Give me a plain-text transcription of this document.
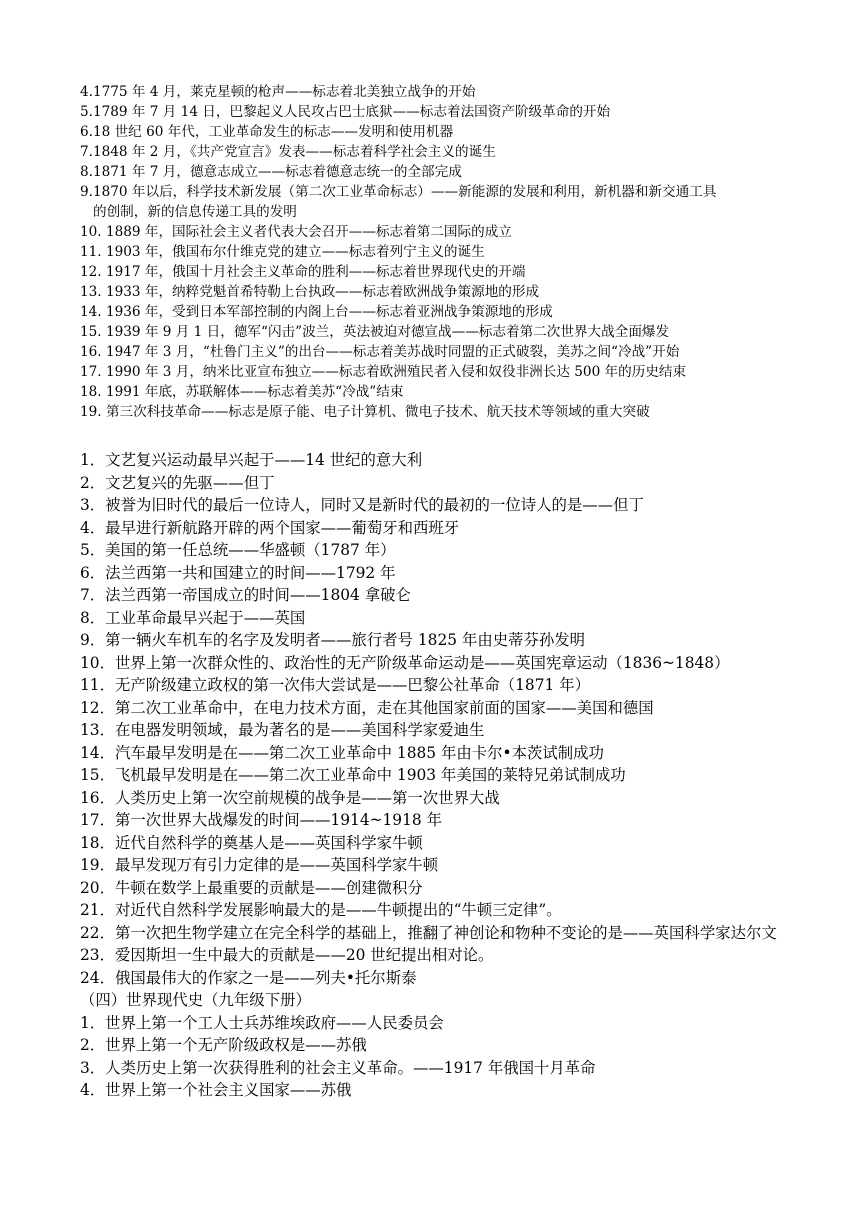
4.1775 年 4 月，莱克星顿的枪声——标志着北美独立战争的开始
5.1789 年 7 月 14 日，巴黎起义人民攻占巴士底狱——标志着法国资产阶级革命的开始
6.18 世纪 60 年代，工业革命发生的标志——发明和使用机器
7.1848 年 2 月，《共产党宣言》发表——标志着科学社会主义的诞生
8.1871 年 7 月，德意志成立——标志着德意志统一的全部完成
9.1870 年以后，科学技术新发展（第二次工业革命标志）——新能源的发展和利用，新机器和新交通工具
的创制，新的信息传递工具的发明
10. 1889 年，国际社会主义者代表大会召开——标志着第二国际的成立
11. 1903 年，俄国布尔什维克党的建立——标志着列宁主义的诞生
12. 1917 年，俄国十月社会主义革命的胜利——标志着世界现代史的开端
13. 1933 年，纳粹党魁首希特勒上台执政——标志着欧洲战争策源地的形成
14. 1936 年，受到日本军部控制的内阁上台——标志着亚洲战争策源地的形成
15. 1939 年 9 月 1 日，德军“闪击”波兰，英法被迫对德宣战——标志着第二次世界大战全面爆发
16. 1947 年 3 月，“杜鲁门主义”的出台——标志着美苏战时同盟的正式破裂，美苏之间“冷战”开始
17. 1990 年 3 月，纳米比亚宣布独立——标志着欧洲殖民者入侵和奴役非洲长达 500 年的历史结束
18. 1991 年底，苏联解体——标志着美苏“冷战”结束
19. 第三次科技革命——标志是原子能、电子计算机、微电子技术、航天技术等领域的重大突破
1．文艺复兴运动最早兴起于——14 世纪的意大利
2．文艺复兴的先驱——但丁
3．被誉为旧时代的最后一位诗人，同时又是新时代的最初的一位诗人的是——但丁
4．最早进行新航路开辟的两个国家——葡萄牙和西班牙
5．美国的第一任总统——华盛顿（1787 年）
6．法兰西第一共和国建立的时间——1792 年
7．法兰西第一帝国成立的时间——1804 拿破仑
8．工业革命最早兴起于——英国
9．第一辆火车机车的名字及发明者——旅行者号 1825 年由史蒂芬孙发明
10．世界上第一次群众性的、政治性的无产阶级革命运动是——英国宪章运动（1836~1848）
11．无产阶级建立政权的第一次伟大尝试是——巴黎公社革命（1871 年）
12．第二次工业革命中，在电力技术方面，走在其他国家前面的国家——美国和德国
13．在电器发明领域，最为著名的是——美国科学家爱迪生
14．汽车最早发明是在——第二次工业革命中 1885 年由卡尔•本茨试制成功
15．飞机最早发明是在——第二次工业革命中 1903 年美国的莱特兄弟试制成功
16．人类历史上第一次空前规模的战争是——第一次世界大战
17．第一次世界大战爆发的时间——1914~1918 年
18．近代自然科学的奠基人是——英国科学家牛顿
19．最早发现万有引力定律的是——英国科学家牛顿
20．牛顿在数学上最重要的贡献是——创建微积分
21．对近代自然科学发展影响最大的是——牛顿提出的“牛顿三定律”。
22．第一次把生物学建立在完全科学的基础上，推翻了神创论和物种不变论的是——英国科学家达尔文
23．爱因斯坦一生中最大的贡献是——20 世纪提出相对论。
24．俄国最伟大的作家之一是——列夫•托尔斯泰
（四）世界现代史（九年级下册）
1．世界上第一个工人士兵苏维埃政府——人民委员会
2．世界上第一个无产阶级政权是——苏俄
3．人类历史上第一次获得胜利的社会主义革命。——1917 年俄国十月革命
4．世界上第一个社会主义国家——苏俄
